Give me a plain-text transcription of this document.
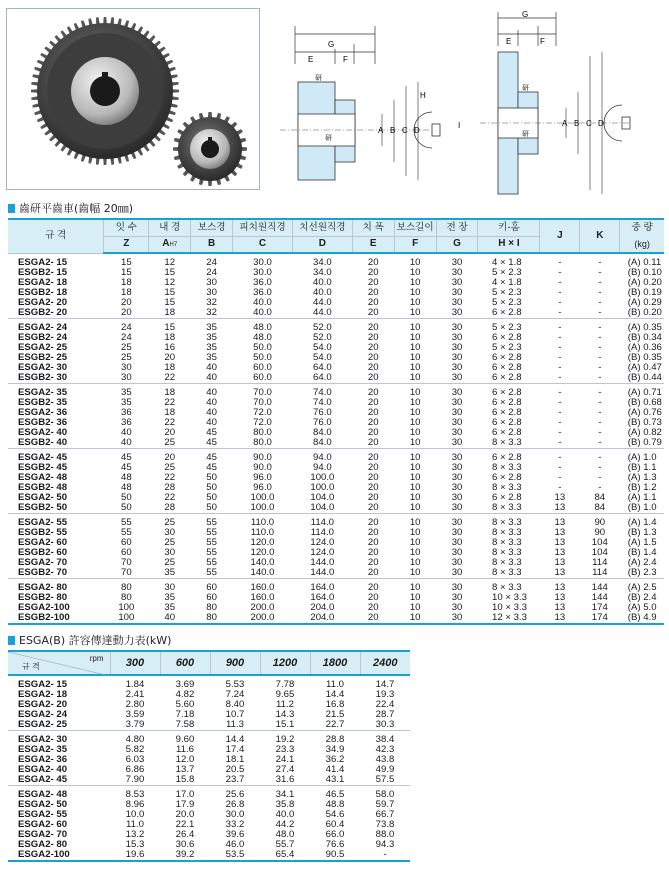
G
E	F
研
研
A B C D
H
I
G
E	F
研
研
A B C D
齒研平齒車(齒幅 20㎜)
규 격	잇 수	내 경	보스경	피치원직경	치선원직경	치 폭	보스길이	전 장	키-홈	J	K	중 량
	Z	AH7	B	C	D	E	F	G	H × I			(kg)
ESGA2- 15	15	12	24	30.0	34.0	20	10	30	4 × 1.8	-	-	(A) 0.11
ESGB2- 15	15	15	24	30.0	34.0	20	10	30	5 × 2.3	-	-	(B) 0.10
ESGA2- 18	18	12	30	36.0	40.0	20	10	30	4 × 1.8	-	-	(A) 0.20
ESGB2- 18	18	15	30	36.0	40.0	20	10	30	5 × 2.3	-	-	(B) 0.19
ESGA2- 20	20	15	32	40.0	44.0	20	10	30	5 × 2.3	-	-	(A) 0.29
ESGB2- 20	20	18	32	40.0	44.0	20	10	30	6 × 2.8	-	-	(B) 0.20
ESGA2- 24	24	15	35	48.0	52.0	20	10	30	5 × 2.3	-	-	(A) 0.35
ESGB2- 24	24	18	35	48.0	52.0	20	10	30	6 × 2.8	-	-	(B) 0.34
ESGA2- 25	25	16	35	50.0	54.0	20	10	30	5 × 2.3	-	-	(A) 0.36
ESGB2- 25	25	20	35	50.0	54.0	20	10	30	6 × 2.8	-	-	(B) 0.35
ESGA2- 30	30	18	40	60.0	64.0	20	10	30	6 × 2.8	-	-	(A) 0.47
ESGB2- 30	30	22	40	60.0	64.0	20	10	30	6 × 2.8	-	-	(B) 0.44
ESGA2- 35	35	18	40	70.0	74.0	20	10	30	6 × 2.8	-	-	(A) 0.71
ESGB2- 35	35	22	40	70.0	74.0	20	10	30	6 × 2.8	-	-	(B) 0.68
ESGA2- 36	36	18	40	72.0	76.0	20	10	30	6 × 2.8	-	-	(A) 0.76
ESGB2- 36	36	22	40	72.0	76.0	20	10	30	6 × 2.8	-	-	(B) 0.73
ESGA2- 40	40	20	45	80.0	84.0	20	10	30	6 × 2.8	-	-	(A) 0.82
ESGB2- 40	40	25	45	80.0	84.0	20	10	30	8 × 3.3	-	-	(B) 0.79
ESGA2- 45	45	20	45	90.0	94.0	20	10	30	6 × 2.8	-	-	(A) 1.0
ESGB2- 45	45	25	45	90.0	94.0	20	10	30	8 × 3.3	-	-	(B) 1.1
ESGA2- 48	48	22	50	96.0	100.0	20	10	30	6 × 2.8	-	-	(A) 1.3
ESGB2- 48	48	28	50	96.0	100.0	20	10	30	8 × 3.3	-	-	(B) 1.2
ESGA2- 50	50	22	50	100.0	104.0	20	10	30	6 × 2.8	13	84	(A) 1.1
ESGB2- 50	50	28	50	100.0	104.0	20	10	30	8 × 3.3	13	84	(B) 1.0
ESGA2- 55	55	25	55	110.0	114.0	20	10	30	8 × 3.3	13	90	(A) 1.4
ESGB2- 55	55	30	55	110.0	114.0	20	10	30	8 × 3.3	13	90	(B) 1.3
ESGA2- 60	60	25	55	120.0	124.0	20	10	30	8 × 3.3	13	104	(A) 1.5
ESGB2- 60	60	30	55	120.0	124.0	20	10	30	8 × 3.3	13	104	(B) 1.4
ESGA2- 70	70	25	55	140.0	144.0	20	10	30	8 × 3.3	13	114	(A) 2.4
ESGB2- 70	70	35	55	140.0	144.0	20	10	30	8 × 3.3	13	114	(B) 2.3
ESGA2- 80	80	30	60	160.0	164.0	20	10	30	8 × 3.3	13	144	(A) 2.5
ESGB2- 80	80	35	60	160.0	164.0	20	10	30	10 × 3.3	13	144	(B) 2.4
ESGA2-100	100	35	80	200.0	204.0	20	10	30	10 × 3.3	13	174	(A) 5.0
ESGB2-100	100	40	80	200.0	204.0	20	10	30	12 × 3.3	13	174	(B) 4.9
ESGA(B) 許容傳達動力表(kW)
rpm
규 격	300	600	900	1200	1800	2400
ESGA2- 15	1.84	3.69	5.53	7.78	11.0	14.7
ESGA2- 18	2.41	4.82	7.24	9.65	14.4	19.3
ESGA2- 20	2.80	5.60	8.40	11.2	16.8	22.4
ESGA2- 24	3.59	7.18	10.7	14.3	21.5	28.7
ESGA2- 25	3.79	7.58	11.3	15.1	22.7	30.3
ESGA2- 30	4.80	9.60	14.4	19.2	28.8	38.4
ESGA2- 35	5.82	11.6	17.4	23.3	34.9	42.3
ESGA2- 36	6.03	12.0	18.1	24.1	36.2	43.8
ESGA2- 40	6.86	13.7	20.5	27.4	41.4	49.9
ESGA2- 45	7.90	15.8	23.7	31.6	43.1	57.5
ESGA2- 48	8.53	17.0	25.6	34.1	46.5	58.0
ESGA2- 50	8.96	17.9	26.8	35.8	48.8	59.7
ESGA2- 55	10.0	20.0	30.0	40.0	54.6	66.7
ESGA2- 60	11.0	22.1	33.2	44.2	60.4	73.8
ESGA2- 70	13.2	26.4	39.6	48.0	66.0	88.0
ESGA2- 80	15.3	30.6	46.0	55.7	76.6	94.3
ESGA2-100	19.6	39.2	53.5	65.4	90.5	-
